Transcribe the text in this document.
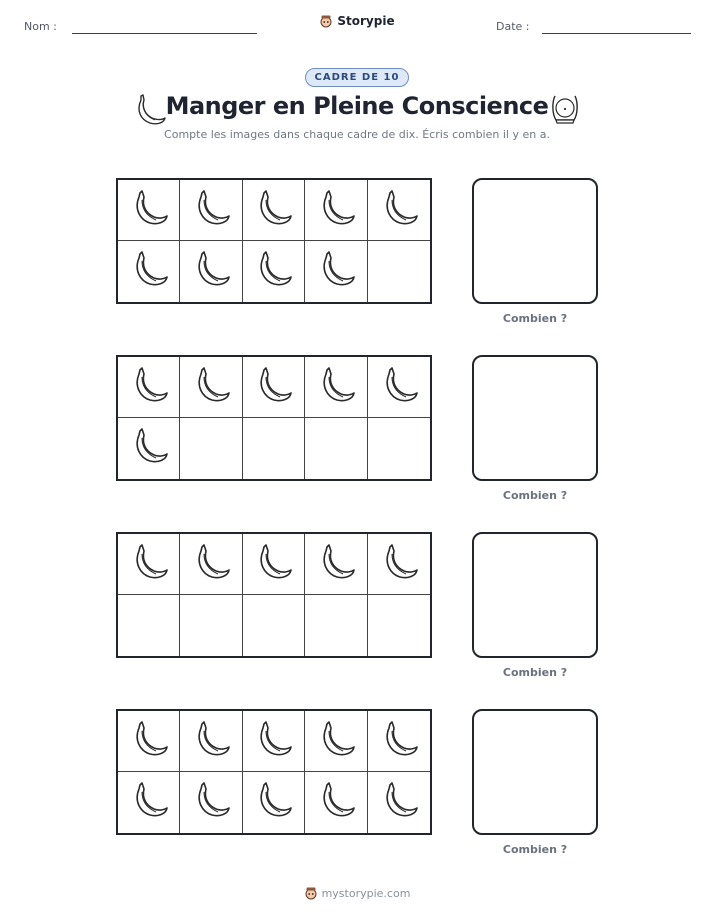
Nom :	Storypie	Date :
CADRE DE 10
Manger en Pleine Conscience
Compte les images dans chaque cadre de dix. Écris combien il y en a.
Combien ?
Combien ?
Combien ?
Combien ?
mystorypie.com
